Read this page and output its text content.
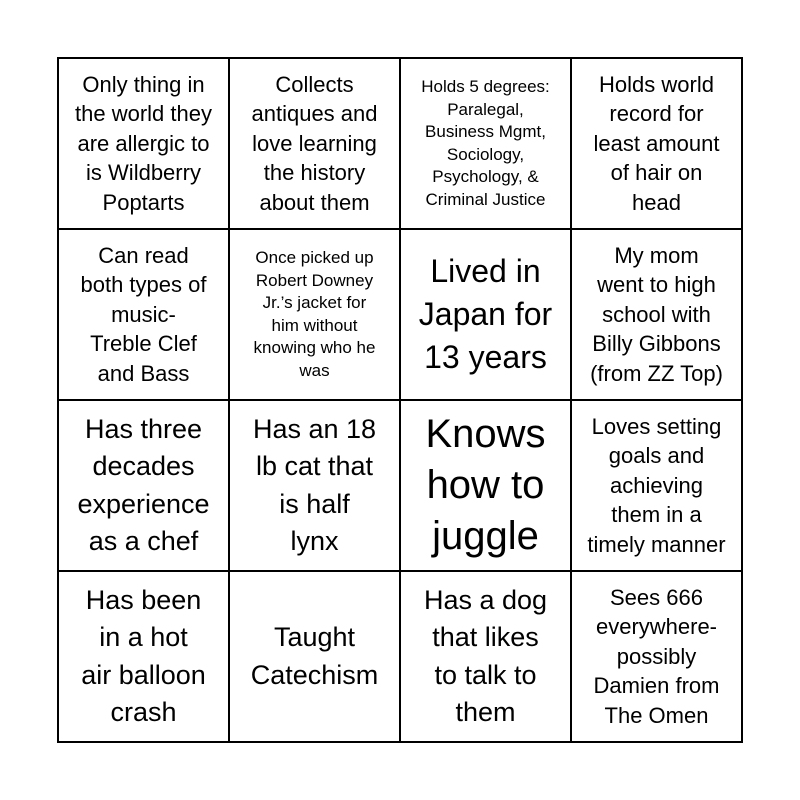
Only thing in
the world they
are allergic to
is Wildberry
Poptarts
Collects
antiques and
love learning
the history
about them
Holds 5 degrees:
Paralegal,
Business Mgmt,
Sociology,
Psychology, &
Criminal Justice
Holds world
record for
least amount
of hair on
head
Can read
both types of
music-
Treble Clef
and Bass
Once picked up
Robert Downey
Jr.’s jacket for
him without
knowing who he
was
Lived in
Japan for
13 years
My mom
went to high
school with
Billy Gibbons
(from ZZ Top)
Has three
decades
experience
as a chef
Has an 18
lb cat that
is half
lynx
Knows
how to
juggle
Loves setting
goals and
achieving
them in a
timely manner
Has been
in a hot
air balloon
crash
Taught
Catechism
Has a dog
that likes
to talk to
them
Sees 666
everywhere-
possibly
Damien from
The Omen
